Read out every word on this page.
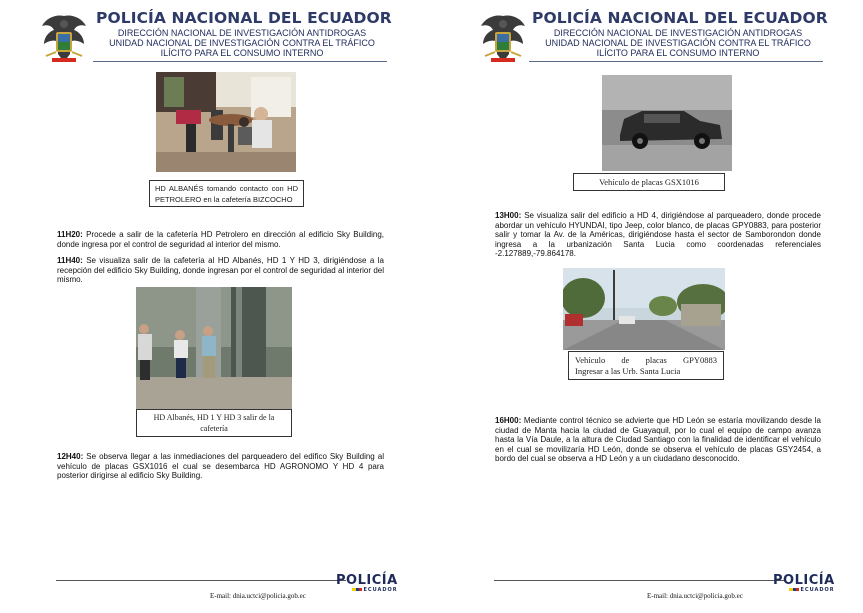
POLICÍA NACIONAL DEL ECUADOR
DIRECCIÓN NACIONAL DE INVESTIGACIÓN ANTIDROGAS
UNIDAD NACIONAL DE INVESTIGACIÓN CONTRA EL TRÁFICO
ILÍCITO PARA EL CONSUMO INTERNO
HD ALBANÉS tomando contacto con HD PETROLERO en la cafetería BIZCOCHO

11H20: Procede a salir de la cafetería HD Petrolero en dirección al edificio Sky Building, donde ingresa por el control de seguridad al interior del mismo.

11H40: Se visualiza salir de la cafetería al HD Albanés, HD 1 Y HD 3, dirigiéndose a la recepción del edificio Sky Building, donde ingresan por el control de seguridad al interior del mismo.

HD Albanés, HD 1 Y HD 3 salir de la cafetería

12H40: Se observa llegar a las inmediaciones del parqueadero del edifico Sky Building al vehículo de placas GSX1016 el cual se desembarca HD AGRONOMO Y HD 4 para posterior dirigirse al edificio Sky Building.

E-mail: dnia.uctci@policia.gob.ec
POLICÍA
ECUADOR
POLICÍA NACIONAL DEL ECUADOR
DIRECCIÓN NACIONAL DE INVESTIGACIÓN ANTIDROGAS
UNIDAD NACIONAL DE INVESTIGACIÓN CONTRA EL TRÁFICO
ILÍCITO PARA EL CONSUMO INTERNO
Vehículo de placas GSX1016

13H00: Se visualiza salir del edificio a HD 4, dirigiéndose al parqueadero, donde procede abordar un vehículo HYUNDAI, tipo Jeep, color blanco, de placas GPY0883, para posterior salir y tomar la Av. de la Américas, dirigiéndose hasta el sector de Samborondon donde ingresa a la urbanización Santa Lucia como coordenadas referenciales -2.127889,-79.864178.

Vehículo de placas GPY0883
Ingresar a las Urb. Santa Lucia

16H00: Mediante control técnico se advierte que HD León se estaría movilizando desde la ciudad de Manta hacia la ciudad de Guayaquil, por lo cual el equipo de campo avanza hasta la Vía Daule, a la altura de Ciudad Santiago con la finalidad de identificar el vehículo en el cual se movilizaría HD León, donde se observa el vehículo de placas GSY2454, a bordo del cual se observa a HD León y a un ciudadano desconocido.

E-mail: dnia.uctci@policia.gob.ec
POLICÍA
ECUADOR
